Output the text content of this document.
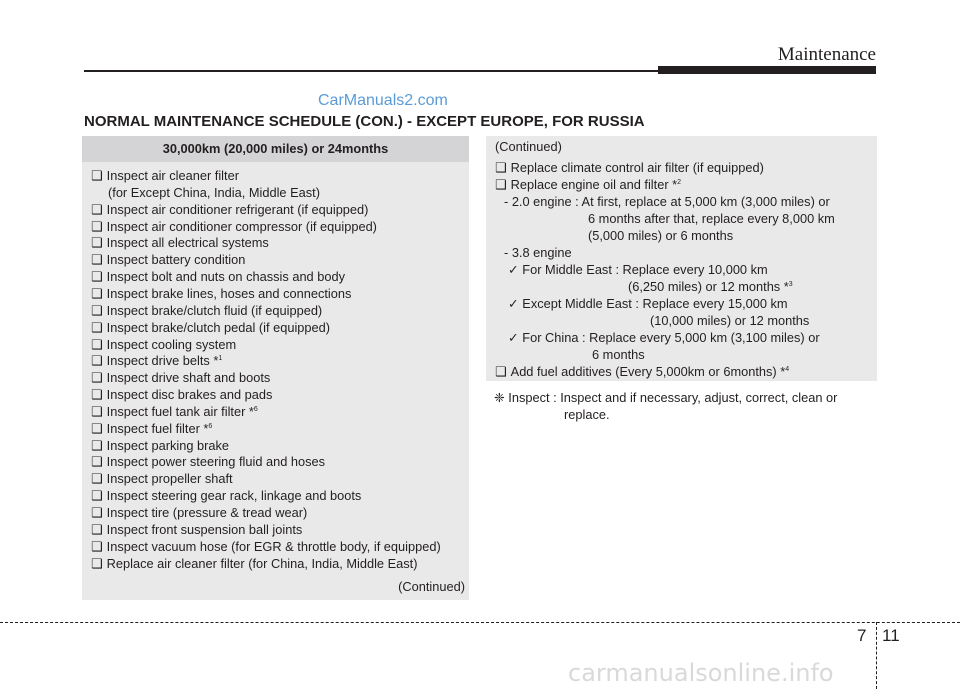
Maintenance
CarManuals2.com
NORMAL MAINTENANCE SCHEDULE (CON.) - EXCEPT EUROPE, FOR RUSSIA
30,000km (20,000 miles) or 24months
❑ Inspect air cleaner filter
(for Except China, India, Middle East)
❑ Inspect air conditioner refrigerant (if equipped)
❑ Inspect air conditioner compressor (if equipped)
❑ Inspect all electrical systems
❑ Inspect battery condition
❑ Inspect bolt and nuts on chassis and body
❑ Inspect brake lines, hoses and connections
❑ Inspect brake/clutch fluid (if equipped)
❑ Inspect brake/clutch pedal (if equipped)
❑ Inspect cooling system
❑ Inspect drive belts *$^1$
❑ Inspect drive shaft and boots
❑ Inspect disc brakes and pads
❑ Inspect fuel tank air filter *$^6$
❑ Inspect fuel filter *$^6$
❑ Inspect parking brake
❑ Inspect power steering fluid and hoses
❑ Inspect propeller shaft
❑ Inspect steering gear rack, linkage and boots
❑ Inspect tire (pressure & tread wear)
❑ Inspect front suspension ball joints
❑ Inspect vacuum hose (for EGR & throttle body, if equipped)
❑ Replace air cleaner filter (for China, India, Middle East)
(Continued)
(Continued)
❑ Replace climate control air filter (if equipped)
❑ Replace engine oil and filter *$^2$
- 2.0 engine : At first, replace at 5,000 km (3,000 miles) or
6 months after that, replace every 8,000 km
(5,000 miles) or 6 months
- 3.8 engine
✓ For Middle East : Replace every 10,000 km
(6,250 miles) or 12 months *$^3$
✓ Except Middle East : Replace every 15,000 km
(10,000 miles) or 12 months
✓ For China : Replace every 5,000 km (3,100 miles) or
6 months
❑ Add fuel additives (Every 5,000km or 6months) *$^4$
❈ Inspect : Inspect and if necessary, adjust, correct, clean or
replace.
7 11
carmanualsonline.info
